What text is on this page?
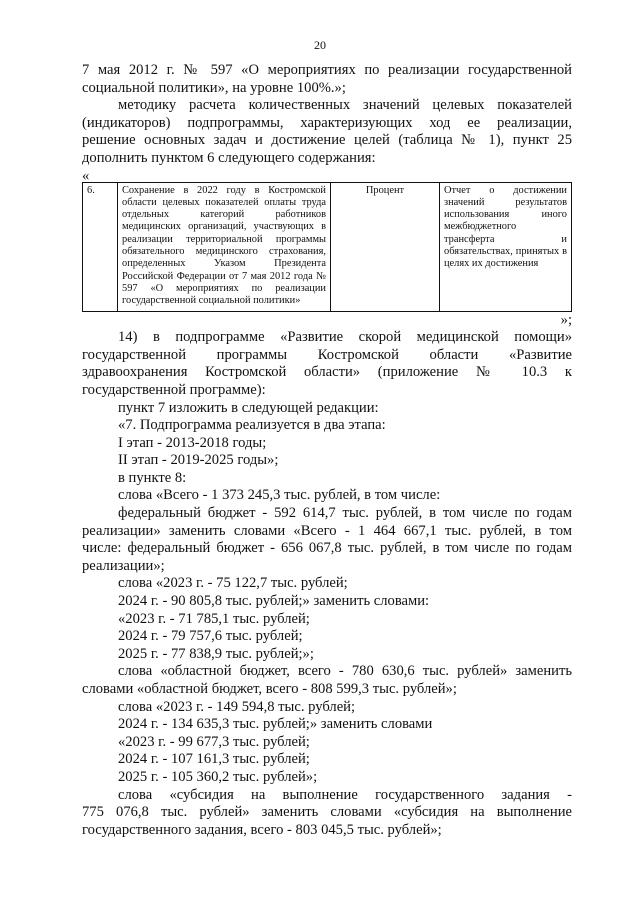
20

7 мая 2012 г. № 597 «О мероприятиях по реализации государственной

социальной политики», на уровне 100%.»;

методику расчета количественных значений целевых показателей

(индикаторов) подпрограммы, характеризующих ход ее реализации,

решение основных задач и достижение целей (таблица № 1), пункт 25

дополнить пунктом 6 следующего содержания:

«

6.	Сохранение в 2022 году в Костромской области целевых показателей оплаты труда отдельных категорий работников медицинских организаций, участвующих в реализации территориальной программы обязательного медицинского страхования, определенных Указом Президента Российской Федерации от 7 мая 2012 года № 597 «О мероприятиях по реализации государственной социальной политики»	Процент	Отчет о достижении значений результатов использования иного межбюджетного трансферта и обязательствах, принятых в целях их достижения

»;

14) в подпрограмме «Развитие скорой медицинской помощи»

государственной программы Костромской области «Развитие

здравоохранения Костромской области» (приложение № 10.3 к

государственной программе):

пункт 7 изложить в следующей редакции:

«7. Подпрограмма реализуется в два этапа:

I этап - 2013-2018 годы;

II этап - 2019-2025 годы»;

в пункте 8:

слова «Всего - 1 373 245,3 тыс. рублей, в том числе:

федеральный бюджет - 592 614,7 тыс. рублей, в том числе по годам

реализации» заменить словами «Всего - 1 464 667,1 тыс. рублей, в том

числе: федеральный бюджет - 656 067,8 тыс. рублей, в том числе по годам

реализации»;

слова «2023 г. - 75 122,7 тыс. рублей;

2024 г. - 90 805,8 тыс. рублей;» заменить словами:

«2023 г. - 71 785,1 тыс. рублей;

2024 г. - 79 757,6 тыс. рублей;

2025 г. - 77 838,9 тыс. рублей;»;

слова «областной бюджет, всего - 780 630,6 тыс. рублей» заменить

словами «областной бюджет, всего - 808 599,3 тыс. рублей»;

слова «2023 г. - 149 594,8 тыс. рублей;

2024 г. - 134 635,3 тыс. рублей;» заменить словами

«2023 г. - 99 677,3 тыс. рублей;

2024 г. - 107 161,3 тыс. рублей;

2025 г. - 105 360,2 тыс. рублей»;

слова «субсидия на выполнение государственного задания -

775 076,8 тыс. рублей» заменить словами «субсидия на выполнение

государственного задания, всего - 803 045,5 тыс. рублей»;
